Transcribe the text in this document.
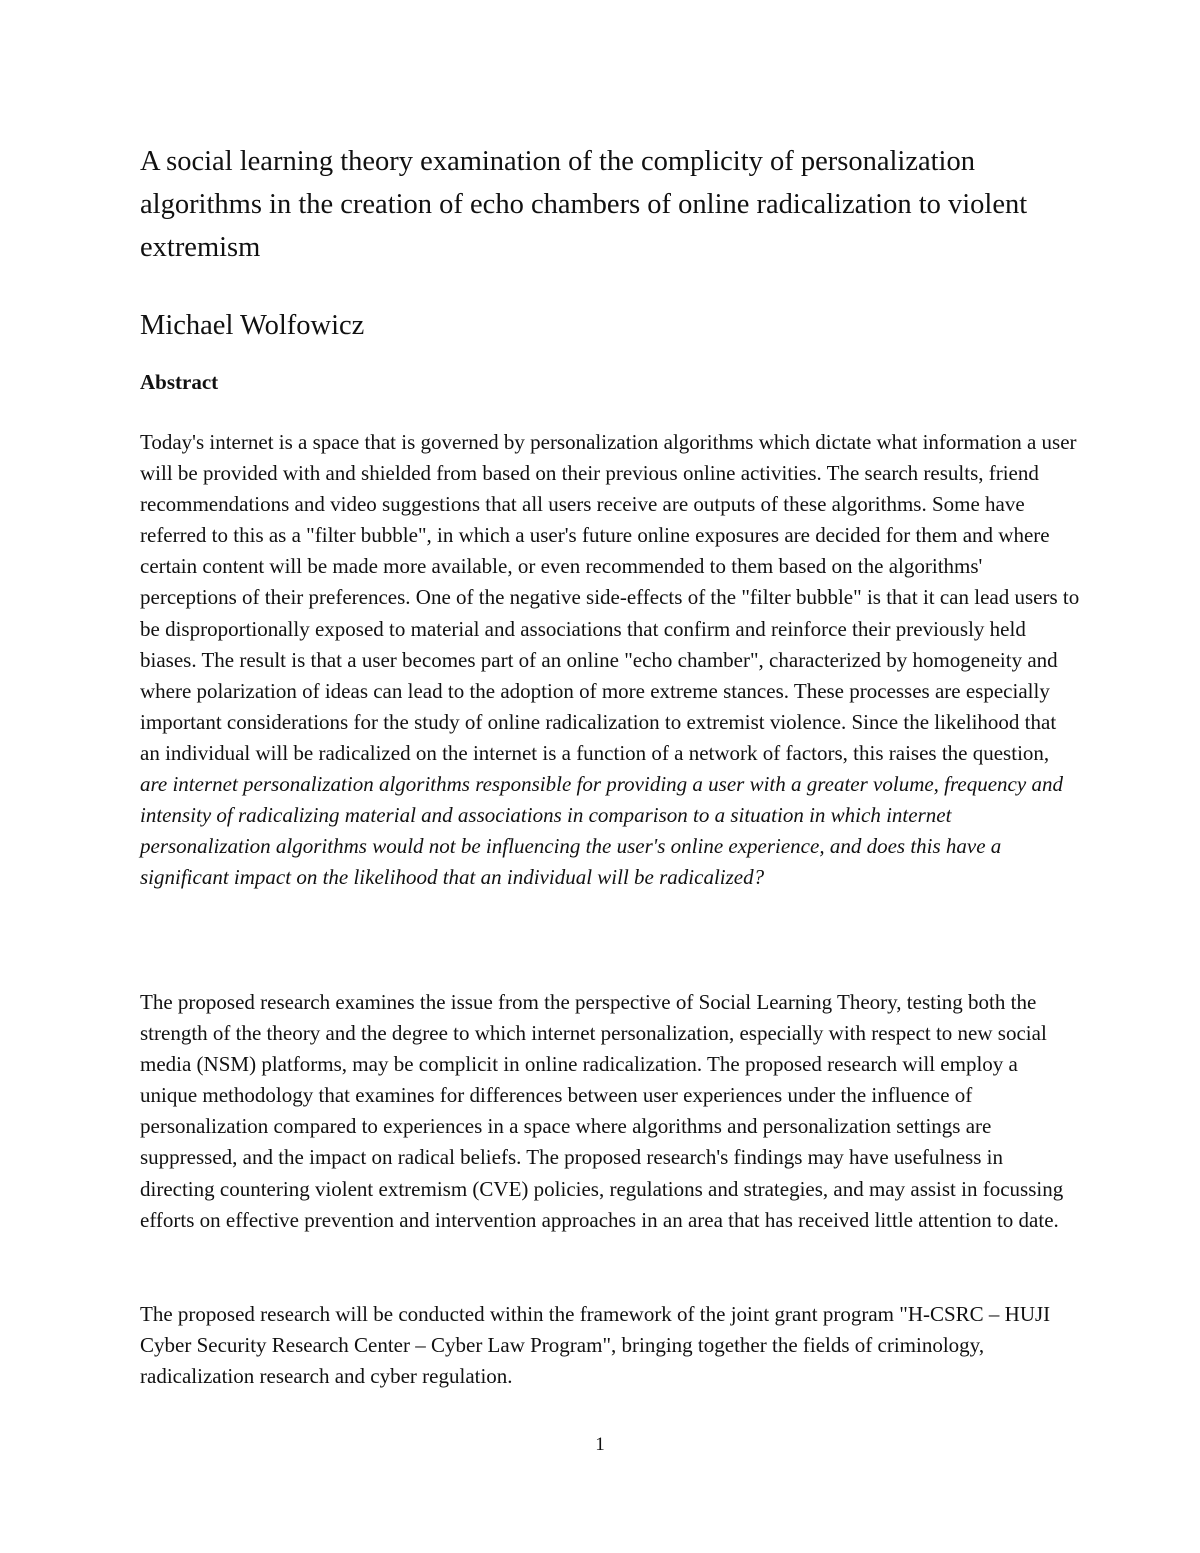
A social learning theory examination of the complicity of personalization algorithms in the creation of echo chambers of online radicalization to violent extremism
Michael Wolfowicz
Abstract

Today's internet is a space that is governed by personalization algorithms which dictate what information a user will be provided with and shielded from based on their previous online activities. The search results, friend recommendations and video suggestions that all users receive are outputs of these algorithms. Some have referred to this as a "filter bubble", in which a user's future online exposures are decided for them and where certain content will be made more available, or even recommended to them based on the algorithms' perceptions of their preferences. One of the negative side-effects of the "filter bubble" is that it can lead users to be disproportionally exposed to material and associations that confirm and reinforce their previously held biases. The result is that a user becomes part of an online "echo chamber", characterized by homogeneity and where polarization of ideas can lead to the adoption of more extreme stances. These processes are especially important considerations for the study of online radicalization to extremist violence. Since the likelihood that an individual will be radicalized on the internet is a function of a network of factors, this raises the question, are internet personalization algorithms responsible for providing a user with a greater volume, frequency and intensity of radicalizing material and associations in comparison to a situation in which internet personalization algorithms would not be influencing the user's online experience, and does this have a significant impact on the likelihood that an individual will be radicalized?

The proposed research examines the issue from the perspective of Social Learning Theory, testing both the strength of the theory and the degree to which internet personalization, especially with respect to new social media (NSM) platforms, may be complicit in online radicalization. The proposed research will employ a unique methodology that examines for differences between user experiences under the influence of personalization compared to experiences in a space where algorithms and personalization settings are suppressed, and the impact on radical beliefs. The proposed research's findings may have usefulness in directing countering violent extremism (CVE) policies, regulations and strategies, and may assist in focussing efforts on effective prevention and intervention approaches in an area that has received little attention to date.

The proposed research will be conducted within the framework of the joint grant program "H-CSRC – HUJI Cyber Security Research Center – Cyber Law Program", bringing together the fields of criminology, radicalization research and cyber regulation.

1
